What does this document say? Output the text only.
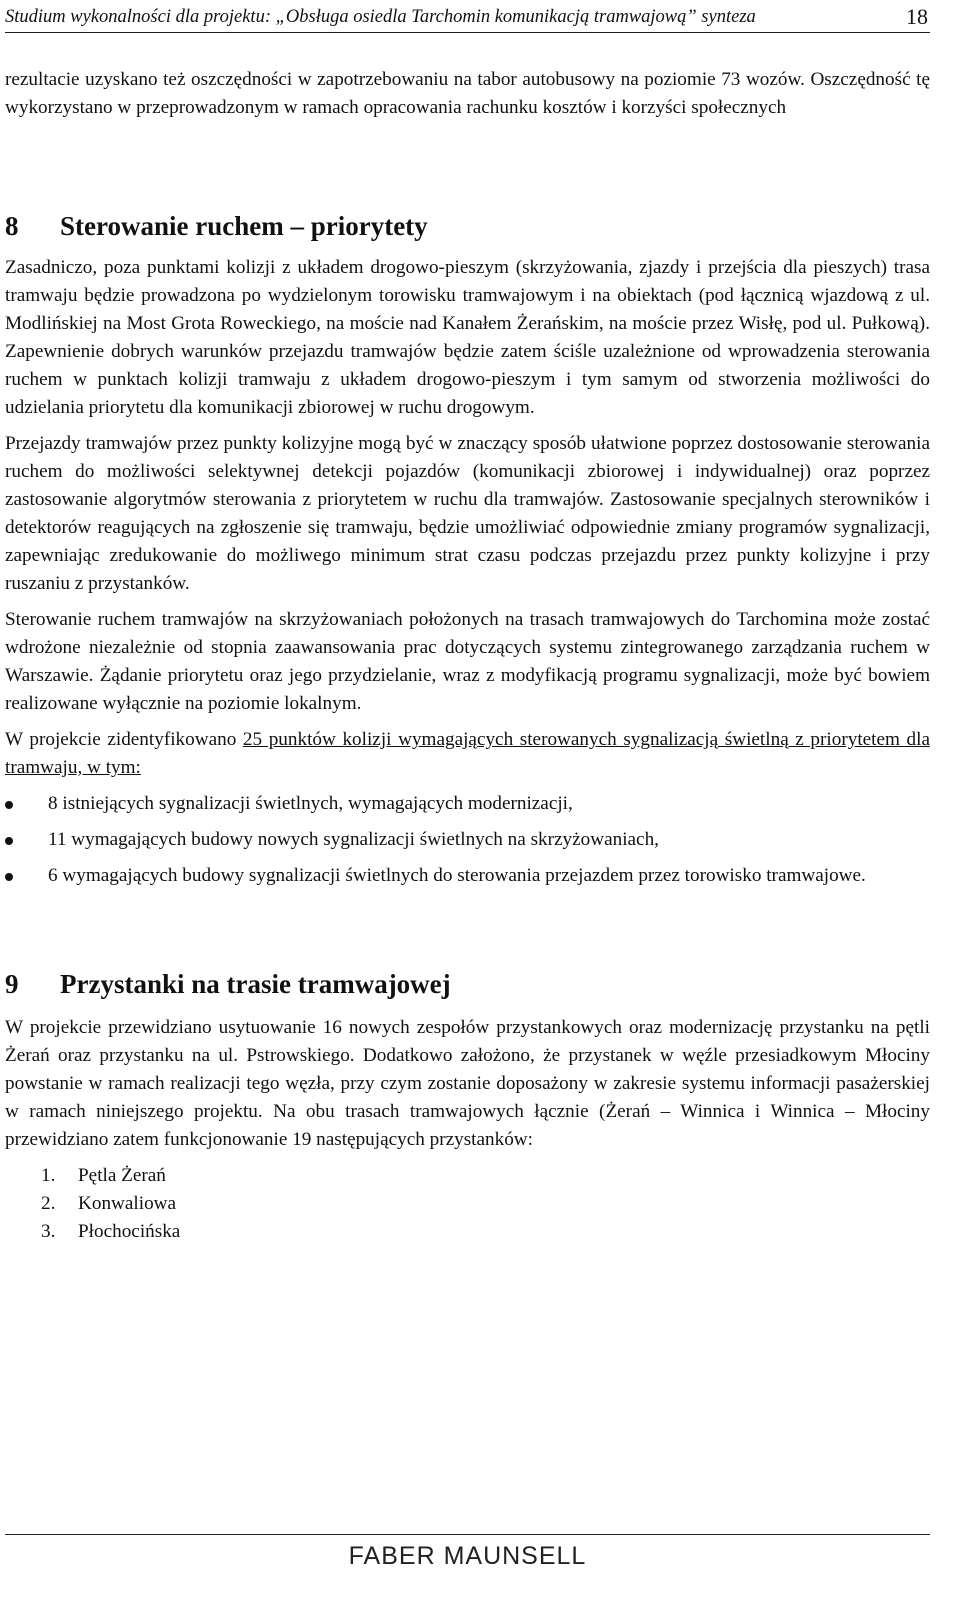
Studium wykonalności dla projektu: „Obsługa osiedla Tarchomin komunikacją tramwajową” synteza	18

rezultacie uzyskano też oszczędności w zapotrzebowaniu na tabor autobusowy na poziomie 73 wozów. Oszczędność tę wykorzystano w przeprowadzonym w ramach opracowania rachunku kosztów i korzyści społecznych

8 Sterowanie ruchem – priorytety

Zasadniczo, poza punktami kolizji z układem drogowo-pieszym (skrzyżowania, zjazdy i przejścia dla pieszych) trasa tramwaju będzie prowadzona po wydzielonym torowisku tramwajowym i na obiektach (pod łącznicą wjazdową z ul. Modlińskiej na Most Grota Roweckiego, na moście nad Kanałem Żerańskim, na moście przez Wisłę, pod ul. Pułkową). Zapewnienie dobrych warunków przejazdu tramwajów będzie zatem ściśle uzależnione od wprowadzenia sterowania ruchem w punktach kolizji tramwaju z układem drogowo-pieszym i tym samym od stworzenia możliwości do udzielania priorytetu dla komunikacji zbiorowej w ruchu drogowym.

Przejazdy tramwajów przez punkty kolizyjne mogą być w znaczący sposób ułatwione poprzez dostosowanie sterowania ruchem do możliwości selektywnej detekcji pojazdów (komunikacji zbiorowej i indywidualnej) oraz poprzez zastosowanie algorytmów sterowania z priorytetem w ruchu dla tramwajów. Zastosowanie specjalnych sterowników i detektorów reagujących na zgłoszenie się tramwaju, będzie umożliwiać odpowiednie zmiany programów sygnalizacji, zapewniając zredukowanie do możliwego minimum strat czasu podczas przejazdu przez punkty kolizyjne i przy ruszaniu z przystanków.

Sterowanie ruchem tramwajów na skrzyżowaniach położonych na trasach tramwajowych do Tarchomina może zostać wdrożone niezależnie od stopnia zaawansowania prac dotyczących systemu zintegrowanego zarządzania ruchem w Warszawie. Żądanie priorytetu oraz jego przydzielanie, wraz z modyfikacją programu sygnalizacji, może być bowiem realizowane wyłącznie na poziomie lokalnym.

W projekcie zidentyfikowano 25 punktów kolizji wymagających sterowanych sygnalizacją świetlną z priorytetem dla tramwaju, w tym:

8 istniejących sygnalizacji świetlnych, wymagających modernizacji,
11 wymagających budowy nowych sygnalizacji świetlnych na skrzyżowaniach,
6 wymagających budowy sygnalizacji świetlnych do sterowania przejazdem przez torowisko tramwajowe.
9 Przystanki na trasie tramwajowej

W projekcie przewidziano usytuowanie 16 nowych zespołów przystankowych oraz modernizację przystanku na pętli Żerań oraz przystanku na ul. Pstrowskiego. Dodatkowo założono, że przystanek w węźle przesiadkowym Młociny powstanie w ramach realizacji tego węzła, przy czym zostanie doposażony w zakresie systemu informacji pasażerskiej w ramach niniejszego projektu. Na obu trasach tramwajowych łącznie (Żerań – Winnica i Winnica – Młociny przewidziano zatem funkcjonowanie 19 następujących przystanków:

1. Pętla Żerań
2. Konwaliowa
3. Płochocińska
FABER MAUNSELL
